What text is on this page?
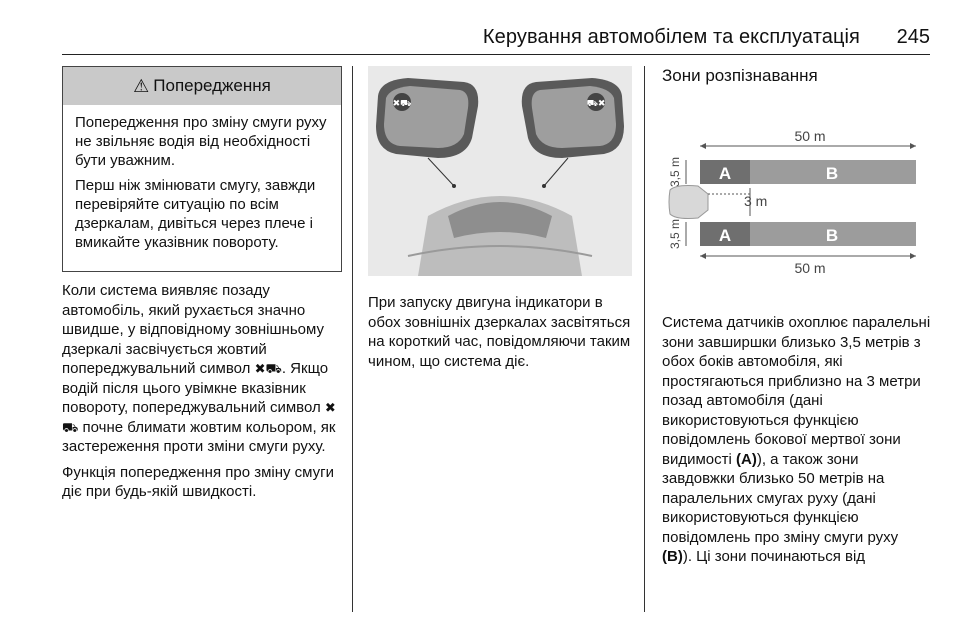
Керування автомобілем та експлуатація	245
⚠ Попередження

Попередження про зміну смуги руху не звільняє водія від необхідності бути уважним.

Перш ніж змінювати смугу, завжди перевіряйте ситуацію по всім дзеркалам, дивіться через плече і вмикайте указівник повороту.

Коли система виявляє позаду автомобіль, який рухається значно швидше, у відповідному зовнішньому дзеркалі засвічується жовтий попереджувальний символ ✖⛟. Якщо водій після цього увімкне вказівник повороту, попереджувальний символ ✖⛟ почне блимати жовтим кольором, як застереження проти зміни смуги руху.

Функція попередження про зміну смуги діє при будь-якій швидкості.

✖⛟	⛟✖

При запуску двигуна індикатори в обох зовнішніх дзеркалах засвітяться на короткий час, повідомляючи таким чином, що система діє.

Зони розпізнавання
50 m
A	B
3,5 m
3 m
A	B
3,5 m
50 m

Система датчиків охоплює паралельні зони завширшки близько 3,5 метрів з обох боків автомобіля, які простягаються приблизно на 3 метри позад автомобіля (дані використовуються функцією повідомлень бокової мертвої зони видимості (A)), а також зони завдовжки близько 50 метрів на паралельних смугах руху (дані використовуються функцією повідомлень про зміну смуги руху (B)). Ці зони починаються від
